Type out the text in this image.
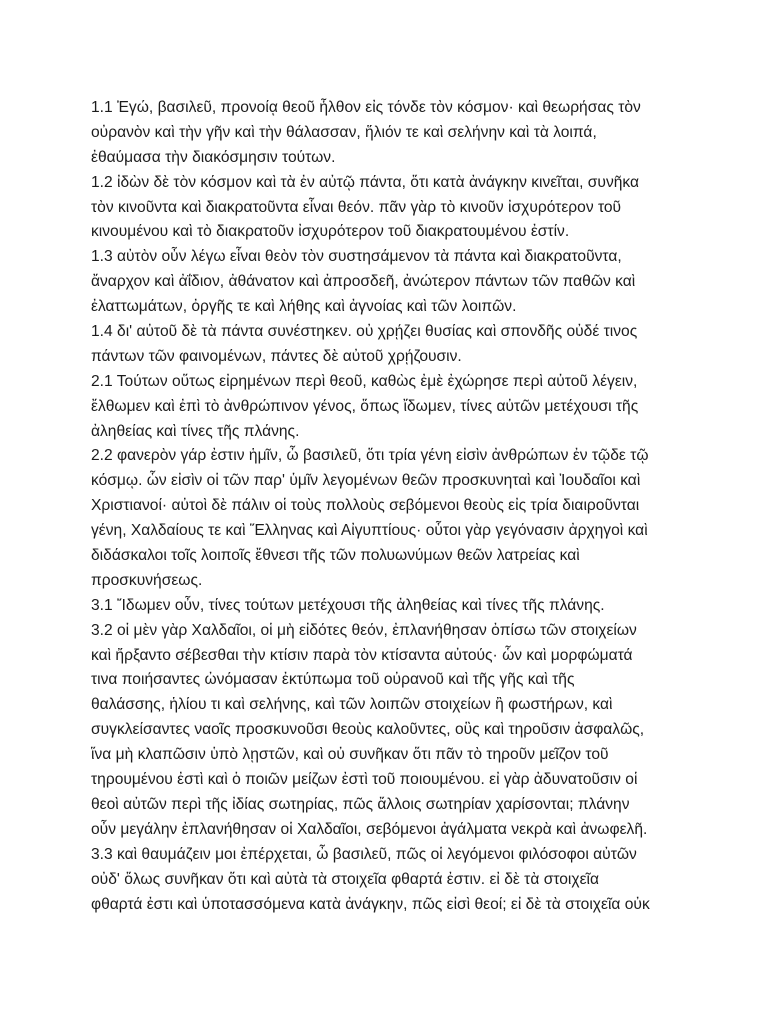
1.1 Ἐγώ, βασιλεῦ, προνοίᾳ θεοῦ ἦλθον εἰς τόνδε τὸν κόσμον· καὶ θεωρήσας τὸν
οὐρανὸν καὶ τὴν γῆν καὶ τὴν θάλασσαν, ἥλιόν τε καὶ σελήνην καὶ τὰ λοιπά,
ἐθαύμασα τὴν διακόσμησιν τούτων.
1.2 ἰδὼν δὲ τὸν κόσμον καὶ τὰ ἐν αὐτῷ πάντα, ὅτι κατὰ ἀνάγκην κινεῖται, συνῆκα
τὸν κινοῦντα καὶ διακρατοῦντα εἶναι θεόν. πᾶν γὰρ τὸ κινοῦν ἰσχυρότερον τοῦ
κινουμένου καὶ τὸ διακρατοῦν ἰσχυρότερον τοῦ διακρατουμένου ἐστίν.
1.3 αὐτὸν οὖν λέγω εἶναι θεὸν τὸν συστησάμενον τὰ πάντα καὶ διακρατοῦντα,
ἄναρχον καὶ ἀΐδιον, ἀθάνατον καὶ ἀπροσδεῆ, ἀνώτερον πάντων τῶν παθῶν καὶ
ἐλαττωμάτων, ὀργῆς τε καὶ λήθης καὶ ἀγνοίας καὶ τῶν λοιπῶν.
1.4 δι' αὐτοῦ δὲ τὰ πάντα συνέστηκεν. οὐ χρῄζει θυσίας καὶ σπονδῆς οὐδέ τινος
πάντων τῶν φαινομένων, πάντες δὲ αὐτοῦ χρῄζουσιν.
2.1 Τούτων οὕτως εἰρημένων περὶ θεοῦ, καθὼς ἐμὲ ἐχώρησε περὶ αὐτοῦ λέγειν,
ἔλθωμεν καὶ ἐπὶ τὸ ἀνθρώπινον γένος, ὅπως ἴδωμεν, τίνες αὐτῶν μετέχουσι τῆς
ἀληθείας καὶ τίνες τῆς πλάνης.
2.2 φανερὸν γάρ ἐστιν ἡμῖν, ὦ βασιλεῦ, ὅτι τρία γένη εἰσὶν ἀνθρώπων ἐν τῷδε τῷ
κόσμῳ. ὧν εἰσὶν οἱ τῶν παρ' ὑμῖν λεγομένων θεῶν προσκυνηταὶ καὶ Ἰουδαῖοι καὶ
Χριστιανοί· αὐτοὶ δὲ πάλιν οἱ τοὺς πολλοὺς σεβόμενοι θεοὺς εἰς τρία διαιροῦνται
γένη, Χαλδαίους τε καὶ Ἕλληνας καὶ Αἰγυπτίους· οὗτοι γὰρ γεγόνασιν ἀρχηγοὶ καὶ
διδάσκαλοι τοῖς λοιποῖς ἔθνεσι τῆς τῶν πολυωνύμων θεῶν λατρείας καὶ
προσκυνήσεως.
3.1 Ἴδωμεν οὖν, τίνες τούτων μετέχουσι τῆς ἀληθείας καὶ τίνες τῆς πλάνης.
3.2 οἱ μὲν γὰρ Χαλδαῖοι, οἱ μὴ εἰδότες θεόν, ἐπλανήθησαν ὀπίσω τῶν στοιχείων
καὶ ἤρξαντο σέβεσθαι τὴν κτίσιν παρὰ τὸν κτίσαντα αὐτούς· ὧν καὶ μορφώματά
τινα ποιήσαντες ὠνόμασαν ἐκτύπωμα τοῦ οὐρανοῦ καὶ τῆς γῆς καὶ τῆς
θαλάσσης, ἡλίου τι καὶ σελήνης, καὶ τῶν λοιπῶν στοιχείων ἢ φωστήρων, καὶ
συγκλείσαντες ναοῖς προσκυνοῦσι θεοὺς καλοῦντες, οὓς καὶ τηροῦσιν ἀσφαλῶς,
ἵνα μὴ κλαπῶσιν ὑπὸ λῃστῶν, καὶ οὐ συνῆκαν ὅτι πᾶν τὸ τηροῦν μεῖζον τοῦ
τηρουμένου ἐστὶ καὶ ὁ ποιῶν μείζων ἐστὶ τοῦ ποιουμένου. εἰ γὰρ ἀδυνατοῦσιν οἱ
θεοὶ αὐτῶν περὶ τῆς ἰδίας σωτηρίας, πῶς ἄλλοις σωτηρίαν χαρίσονται; πλάνην
οὖν μεγάλην ἐπλανήθησαν οἱ Χαλδαῖοι, σεβόμενοι ἀγάλματα νεκρὰ καὶ ἀνωφελῆ.
3.3 καὶ θαυμάζειν μοι ἐπέρχεται, ὦ βασιλεῦ, πῶς οἱ λεγόμενοι φιλόσοφοι αὐτῶν
οὐδ' ὅλως συνῆκαν ὅτι καὶ αὐτὰ τὰ στοιχεῖα φθαρτά ἐστιν. εἰ δὲ τὰ στοιχεῖα
φθαρτά ἐστι καὶ ὑποτασσόμενα κατὰ ἀνάγκην, πῶς εἰσὶ θεοί; εἰ δὲ τὰ στοιχεῖα οὐκ
